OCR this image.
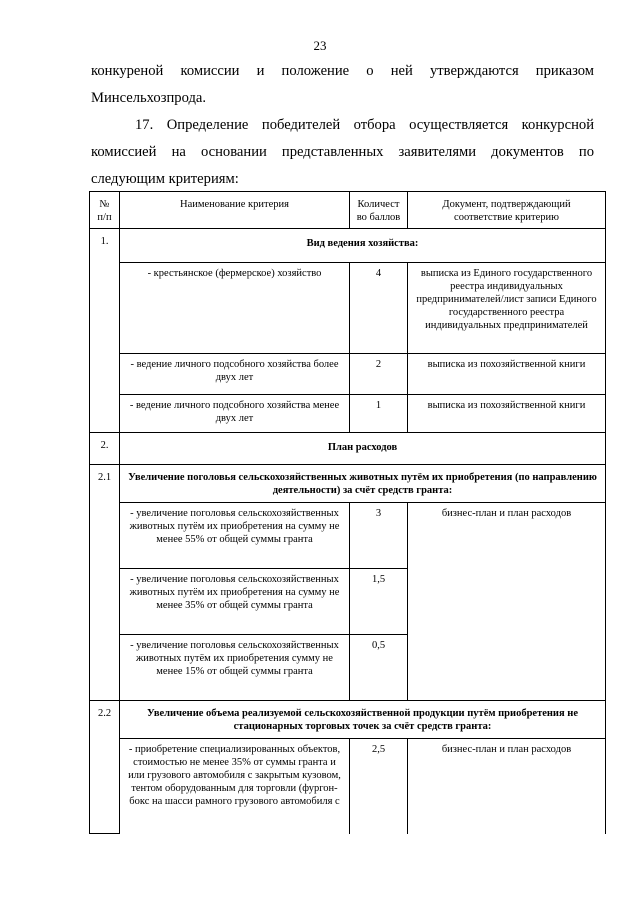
23

конкуреной комиссии и положение о ней утверждаются приказом Минсельхозпрода.

17. Определение победителей отбора осуществляется конкурсной комиссией на основании представленных заявителями документов по следующим критериям:

№ п/п	Наименование критерия	Количест во баллов	Документ, подтверждающий соответствие критерию
1.	Вид ведения хозяйства:		
	- крестьянское (фермерское) хозяйство	4	выписка из Единого государственного реестра индивидуальных предпринимателей/лист записи Единого государственного реестра индивидуальных предпринимателей
	- ведение личного подсобного хозяйства более двух лет	2	выписка из похозяйственной книги
	- ведение личного подсобного хозяйства менее двух лет	1	выписка из похозяйственной книги
2.	План расходов		
2.1	Увеличение поголовья сельскохозяйственных животных путём их приобретения (по направлению деятельности) за счёт средств гранта:		
	- увеличение поголовья сельскохозяйственных животных путём их приобретения на сумму не менее 55% от общей суммы гранта	3	бизнес-план и план расходов
	- увеличение поголовья сельскохозяйственных животных путём их приобретения на сумму не менее 35% от общей суммы гранта	1,5	
	- увеличение поголовья сельскохозяйственных животных путём их приобретения сумму не менее 15% от общей суммы гранта	0,5	
2.2	Увеличение объема реализуемой сельскохозяйственной продукции путём приобретения не стационарных торговых точек за счёт средств гранта:		
	- приобретение специализированных объектов, стоимостью не менее 35% от суммы гранта и или грузового автомобиля с закрытым кузовом, тентом оборудованным для торговли (фургон-бокс на шасси рамного грузового автомобиля с	2,5	бизнес-план и план расходов
